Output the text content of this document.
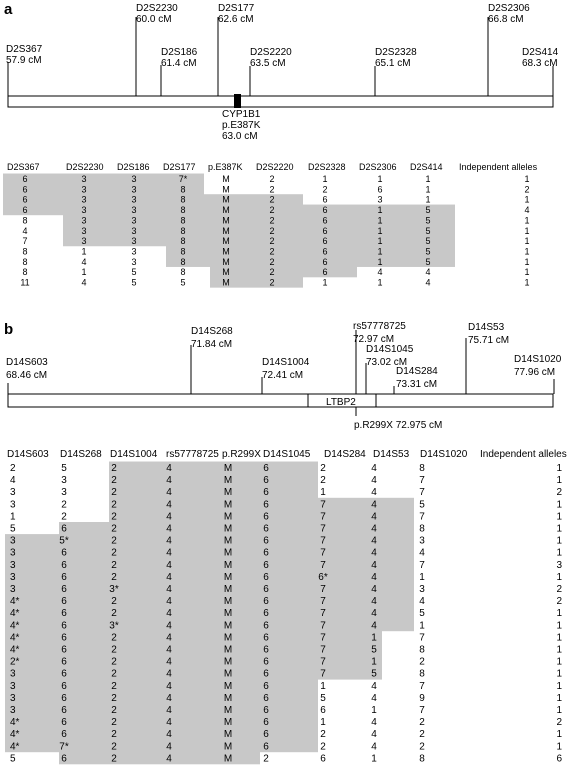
a
D2S367
57.9 cM
D2S2230
60.0 cM
D2S186
61.4 cM
D2S177
62.6 cM
D2S2220
63.5 cM
D2S2328
65.1 cM
D2S2306
66.8 cM
D2S414
68.3 cM
CYP1B1
p.E387K
63.0 cM
D2S367	D2S2230 D2S186 D2S177 p.E387K D2S2220 D2S2328 D2S2306 D2S414 Independent alleles
6	3	3	7*	M	2	1	1	1	1
6	3	3	8	M	2	2	6	1	2
6	3	3	8	M	2	6	3	1	1
6	3	3	8	M	2	6	1	5	4
8	3	3	8	M	2	6	1	5	1
4	3	3	8	M	2	6	1	5	1
7	3	3	8	M	2	6	1	5	1
8	1	3	8	M	2	6	1	5	1
8	4	3	8	M	2	6	1	5	1
8	1	5	8	M	2	6	4	4	1
11	4	5	5	M	2	1	1	4	1
b
LTBP2
p.R299X 72.975 cM
D14S603
68.46 cM
D14S268
71.84 cM
D14S1004
72.41 cM
rs57778725
72.97 cM
D14S1045
73.02 cM
D14S284
73.31 cM
D14S53
75.71 cM
D14S1020
77.96 cM
D14S603 D14S268 D14S1004 rs57778725 p.R299X D14S1045 D14S284 D14S53 D14S1020 Independent alleles
2	5	2	4	M	6	2	4	8	1
4	3	2	4	M	6	2	4	7	1
3	3	2	4	M	6	1	4	7	2
3	2	2	4	M	6	7	4	5	1
1	2	2	4	M	6	7	4	7	1
5	6	2	4	M	6	7	4	8	1
3	5*	2	4	M	6	7	4	3	1
3	6	2	4	M	6	7	4	4	1
3	6	2	4	M	6	7	4	7	3
3	6	2	4	M	6	6*	4	1	1
3	6	3*	4	M	6	7	4	3	2
4*	6	2	4	M	6	7	4	4	2
4*	6	2	4	M	6	7	4	5	1
4*	6	3*	4	M	6	7	4	1	1
4*	6	2	4	M	6	7	1	7	1
4*	6	2	4	M	6	7	5	8	1
2*	6	2	4	M	6	7	1	2	1
3	6	2	4	M	6	7	5	8	1
3	6	2	4	M	6	1	4	7	1
3	6	2	4	M	6	5	4	9	1
3	6	2	4	M	6	6	1	7	1
4*	6	2	4	M	6	1	4	2	2
4*	6	2	4	M	6	2	4	2	1
4*	7*	2	4	M	6	2	4	2	1
5	6	2	4	M	2	6	1	8	6
